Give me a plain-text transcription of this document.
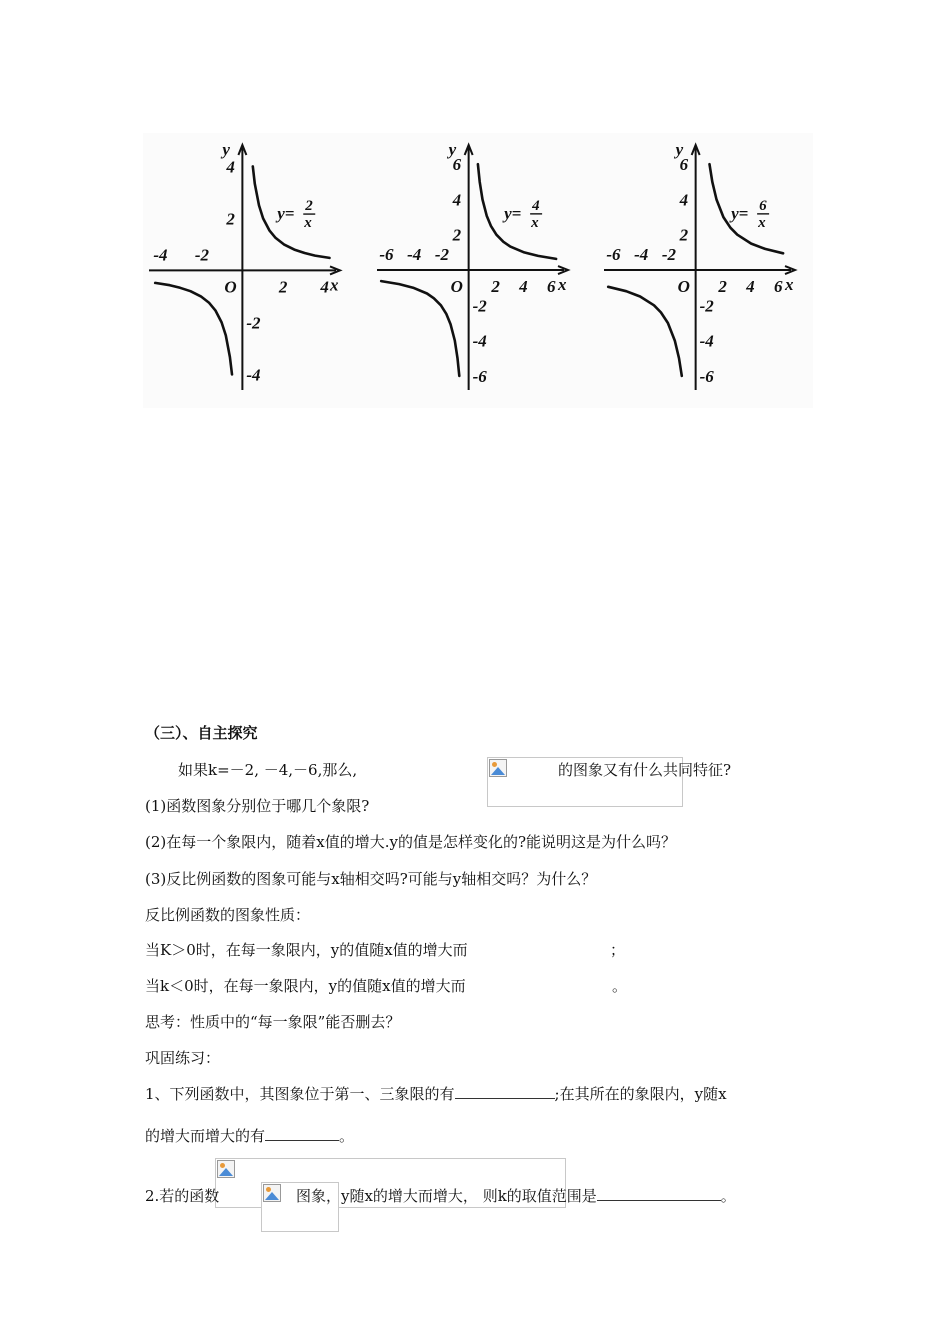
x
y
O
-4 -2
2 4
4
2
-2
-4
y= 2
x
x
y
O
-6 -4 -2
2 4 6
6
4
2
-2
-4
-6
y= 4
x
x
y
O
-6 -4 -2
2 4 6
6
4
2
-2
-4
-6
y= 6
x
（三）、自主探究
如果k=－2, －4,－6,那么,	的图象又有什么共同特征?
(1)函数图象分别位于哪几个象限?
(2)在每一个象限内，随着x值的增大.y的值是怎样变化的?能说明这是为什么吗？
(3)反比例函数的图象可能与x轴相交吗?可能与y轴相交吗？为什么？
反比例函数的图象性质：
当K＞0时，在每一象限内，y的值随x值的增大而	；
当k＜0时，在每一象限内，y的值随x值的增大而	。
思考：性质中的“每一象限”能否删去？
巩固练习：
1、下列函数中，其图象位于第一、三象限的有	;在其所在的象限内，y随x
的增大而增大的有	。
2.若的函数	图象，y随x的增大而增大， 则k的取值范围是	。
